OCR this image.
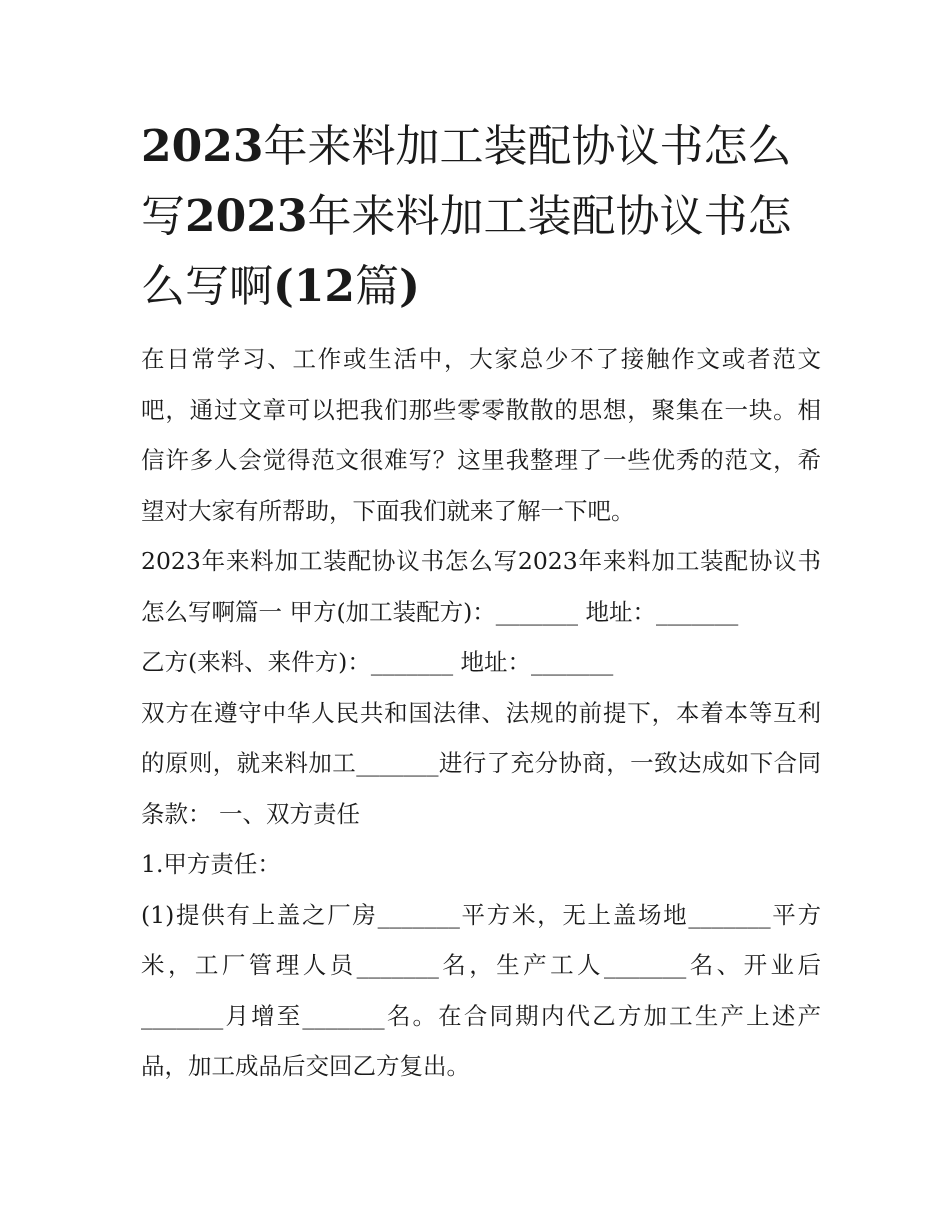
2023年来料加工装配协议书怎么写2023年来料加工装配协议书怎么写啊(12篇)

在日常学习、工作或生活中，大家总少不了接触作文或者范文吧，通过文章可以把我们那些零零散散的思想，聚集在一块。相信许多人会觉得范文很难写？这里我整理了一些优秀的范文，希望对大家有所帮助，下面我们就来了解一下吧。

2023年来料加工装配协议书怎么写2023年来料加工装配协议书怎么写啊篇一 甲方(加工装配方)：_______ 地址：_______

乙方(来料、来件方)：_______ 地址：_______

双方在遵守中华人民共和国法律、法规的前提下，本着本等互利的原则，就来料加工_______进行了充分协商，一致达成如下合同条款： 一、双方责任

1.甲方责任：

(1)提供有上盖之厂房_______平方米，无上盖场地_______平方米，工厂管理人员_______名，生产工人_______名、开业后_______月增至_______名。在合同期内代乙方加工生产上述产品，加工成品后交回乙方复出。
